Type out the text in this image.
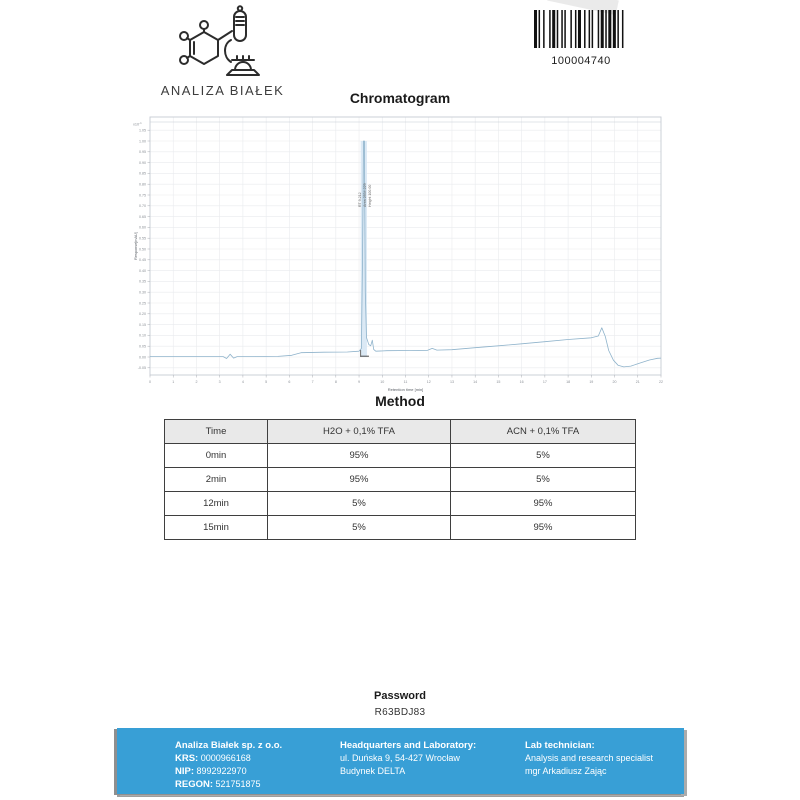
ANALIZA BIAŁEK
100004740
Chromatogram
RT 9.212 Area 2834.229 Height 100.00
1.05
1.00
0.95
0.90
0.85
0.80
0.75
0.70
0.65
0.60
0.55
0.50
0.45
0.40
0.35
0.30
0.25
0.20
0.15
0.10
0.05
0.00
-0.05
0	1	2	3	4	5	6	7	8	9	10	11	12	13	14	15	16	17	18	19	20	21	22
Retention time [min]
Response[mAU]
$x10^{-1}$
Method
Time	H2O + 0,1% TFA	ACN + 0,1% TFA
0min	95%	5%
2min	95%	5%
12min	5%	95%
15min	5%	95%
Password
R63BDJ83
Analiza Białek sp. z o.o.
KRS: 0000966168
NIP: 8992922970
REGON: 521751875
Headquarters and Laboratory:
ul. Duńska 9, 54-427 Wrocław
Budynek DELTA
Lab technician:
Analysis and research specialist
mgr Arkadiusz Zając
